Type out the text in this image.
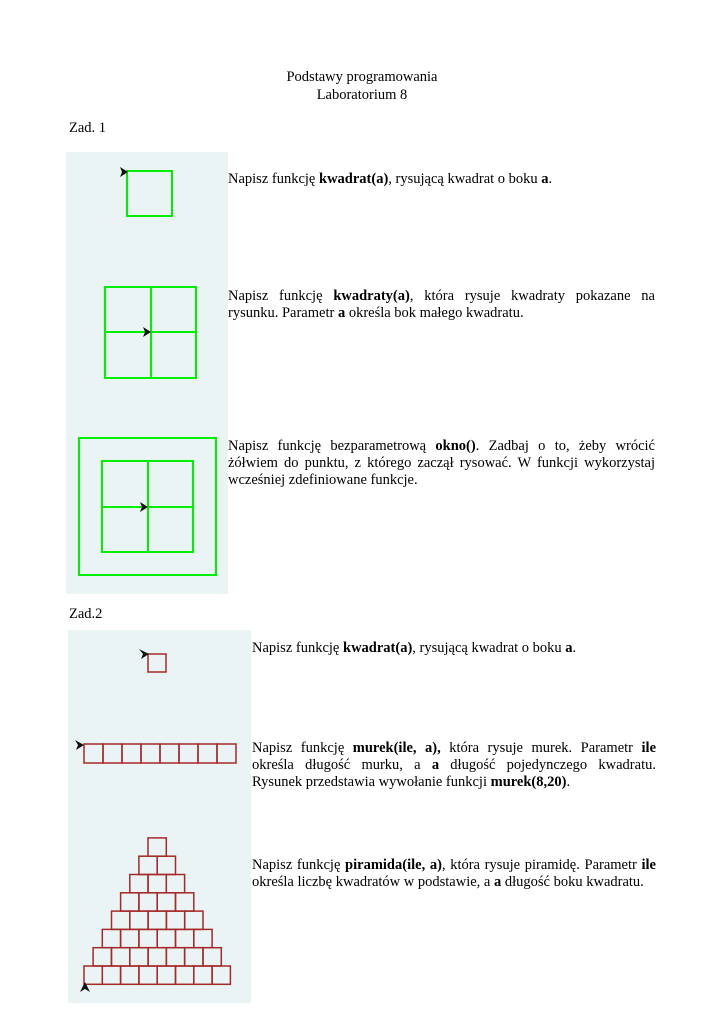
Podstawy programowania
Laboratorium 8
Zad. 1
Napisz funkcję kwadrat(a), rysującą kwadrat o boku a.
Napisz funkcję kwadraty(a), która rysuje kwadraty pokazane na rysunku. Parametr a określa bok małego kwadratu.
Napisz funkcję bezparametrową okno(). Zadbaj o to, żeby wrócić żółwiem do punktu, z którego zaczął rysować. W funkcji wykorzystaj wcześniej zdefiniowane funkcje.
Zad.2
Napisz funkcję kwadrat(a), rysującą kwadrat o boku a.
Napisz funkcję murek(ile, a), która rysuje murek. Parametr ile określa długość murku, a a długość pojedynczego kwadratu. Rysunek przedstawia wywołanie funkcji murek(8,20).
Napisz funkcję piramida(ile, a), która rysuje piramidę. Parametr ile określa liczbę kwadratów w podstawie, a a długość boku kwadratu.
